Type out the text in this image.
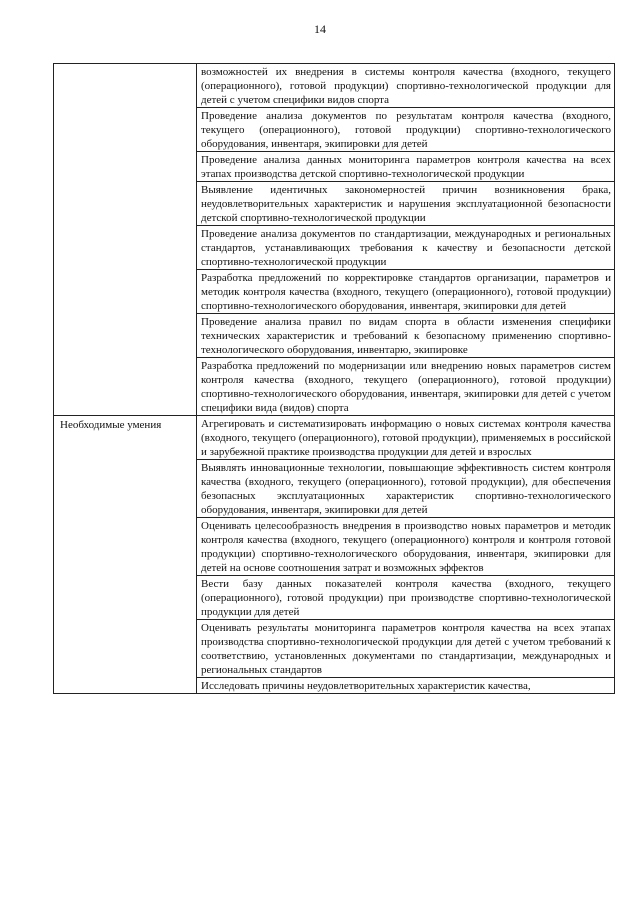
14
возможностей их внедрения в системы контроля качества (входного, текущего (операционного), готовой продукции) спортивно-технологической продукции для детей с учетом специфики видов спорта
Проведение анализа документов по результатам контроля качества (входного, текущего (операционного), готовой продукции) спортивно-технологического оборудования, инвентаря, экипировки для детей
Проведение анализа данных мониторинга параметров контроля качества на всех этапах производства детской спортивно-технологической продукции
Выявление идентичных закономерностей причин возникновения брака, неудовлетворительных характеристик и нарушения эксплуатационной безопасности детской спортивно-технологической продукции
Проведение анализа документов по стандартизации, международных и региональных стандартов, устанавливающих требования к качеству и безопасности детской спортивно-технологической продукции
Разработка предложений по корректировке стандартов организации, параметров и методик контроля качества (входного, текущего (операционного), готовой продукции) спортивно-технологического оборудования, инвентаря, экипировки для детей
Проведение анализа правил по видам спорта в области изменения специфики технических характеристик и требований к безопасному применению спортивно-технологического оборудования, инвентарю, экипировке
Разработка предложений по модернизации или внедрению новых параметров систем контроля качества (входного, текущего (операционного), готовой продукции) спортивно-технологического оборудования, инвентаря, экипировки для детей с учетом специфики вида (видов) спорта
Необходимые умения	Агрегировать и систематизировать информацию о новых системах контроля качества (входного, текущего (операционного), готовой продукции), применяемых в российской и зарубежной практике производства продукции для детей и взрослых
Выявлять инновационные технологии, повышающие эффективность систем контроля качества (входного, текущего (операционного), готовой продукции), для обеспечения безопасных эксплуатационных характеристик спортивно-технологического оборудования, инвентаря, экипировки для детей
Оценивать целесообразность внедрения в производство новых параметров и методик контроля качества (входного, текущего (операционного) контроля и контроля готовой продукции) спортивно-технологического оборудования, инвентаря, экипировки для детей на основе соотношения затрат и возможных эффектов
Вести базу данных показателей контроля качества (входного, текущего (операционного), готовой продукции) при производстве спортивно-технологической продукции для детей
Оценивать результаты мониторинга параметров контроля качества на всех этапах производства спортивно-технологической продукции для детей с учетом требований к соответствию, установленных документами по стандартизации, международных и региональных стандартов
Исследовать причины неудовлетворительных характеристик качества,
